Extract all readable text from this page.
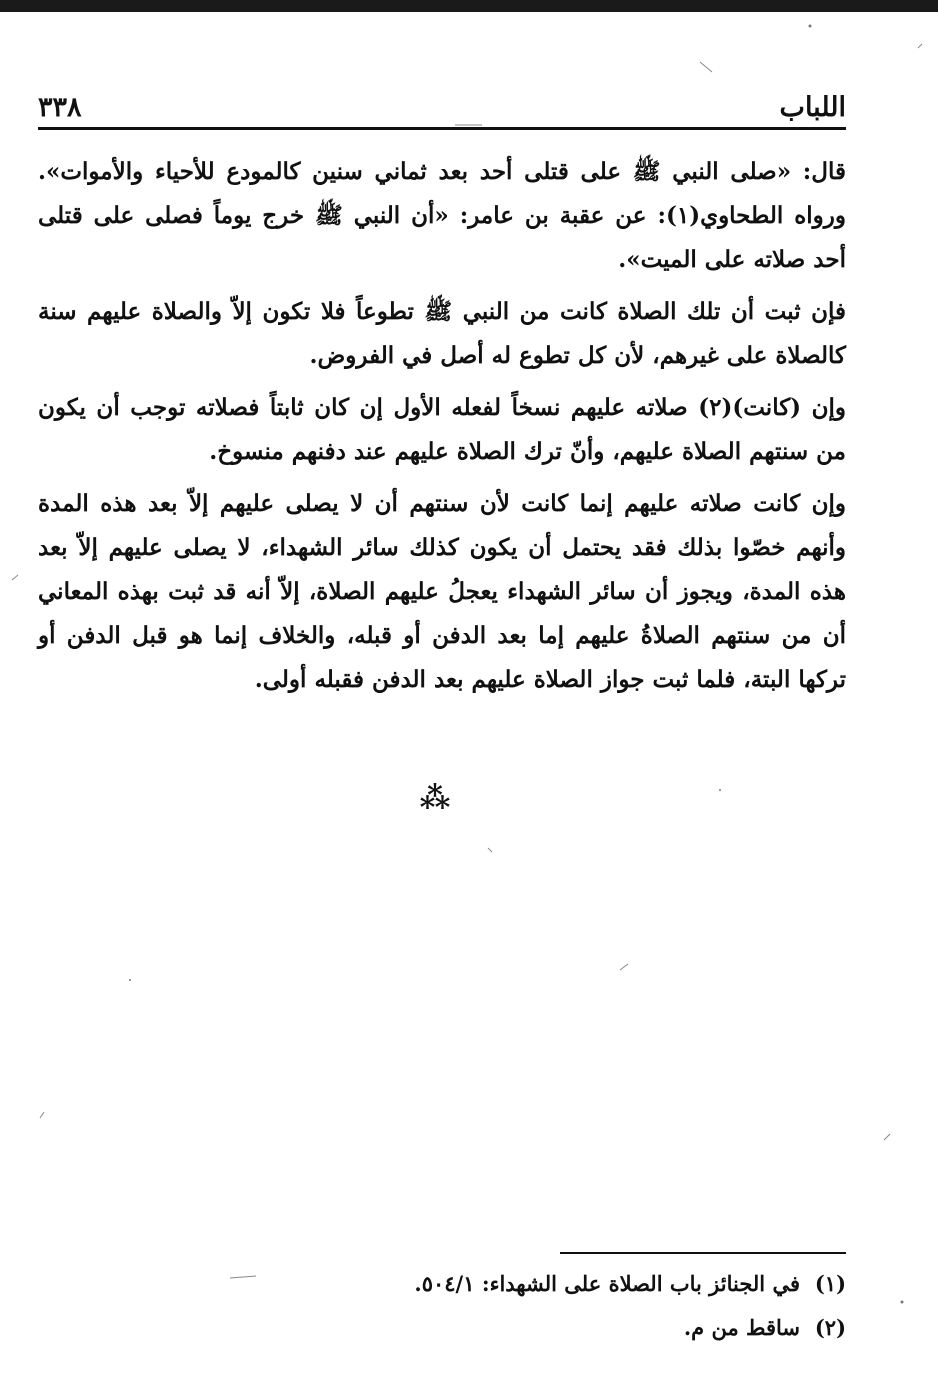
٣٣٨	اللباب

قال: «صلى النبي ﷺ على قتلى أحد بعد ثماني سنين كالمودع للأحياء والأموات». ورواه الطحاوي(١): عن عقبة بن عامر: «أن النبي ﷺ خرج يوماً فصلى على قتلى أحد صلاته على الميت».

فإن ثبت أن تلك الصلاة كانت من النبي ﷺ تطوعاً فلا تكون إلاّ والصلاة عليهم سنة كالصلاة على غيرهم، لأن كل تطوع له أصل في الفروض.

وإن (كانت)(٢) صلاته عليهم نسخاً لفعله الأول إن كان ثابتاً فصلاته توجب أن يكون من سنتهم الصلاة عليهم، وأنّ ترك الصلاة عليهم عند دفنهم منسوخ.

وإن كانت صلاته عليهم إنما كانت لأن سنتهم أن لا يصلى عليهم إلاّ بعد هذه المدة وأنهم خصّوا بذلك فقد يحتمل أن يكون كذلك سائر الشهداء، لا يصلى عليهم إلاّ بعد هذه المدة، ويجوز أن سائر الشهداء يعجلُ عليهم الصلاة، إلاّ أنه قد ثبت بهذه المعاني أن من سنتهم الصلاةُ عليهم إما بعد الدفن أو قبله، والخلاف إنما هو قبل الدفن أو تركها البتة، فلما ثبت جواز الصلاة عليهم بعد الدفن فقبله أولى.

⁂
(١)
في الجنائز باب الصلاة على الشهداء: ٥٠٤/١.
(٢)
ساقط من م.
